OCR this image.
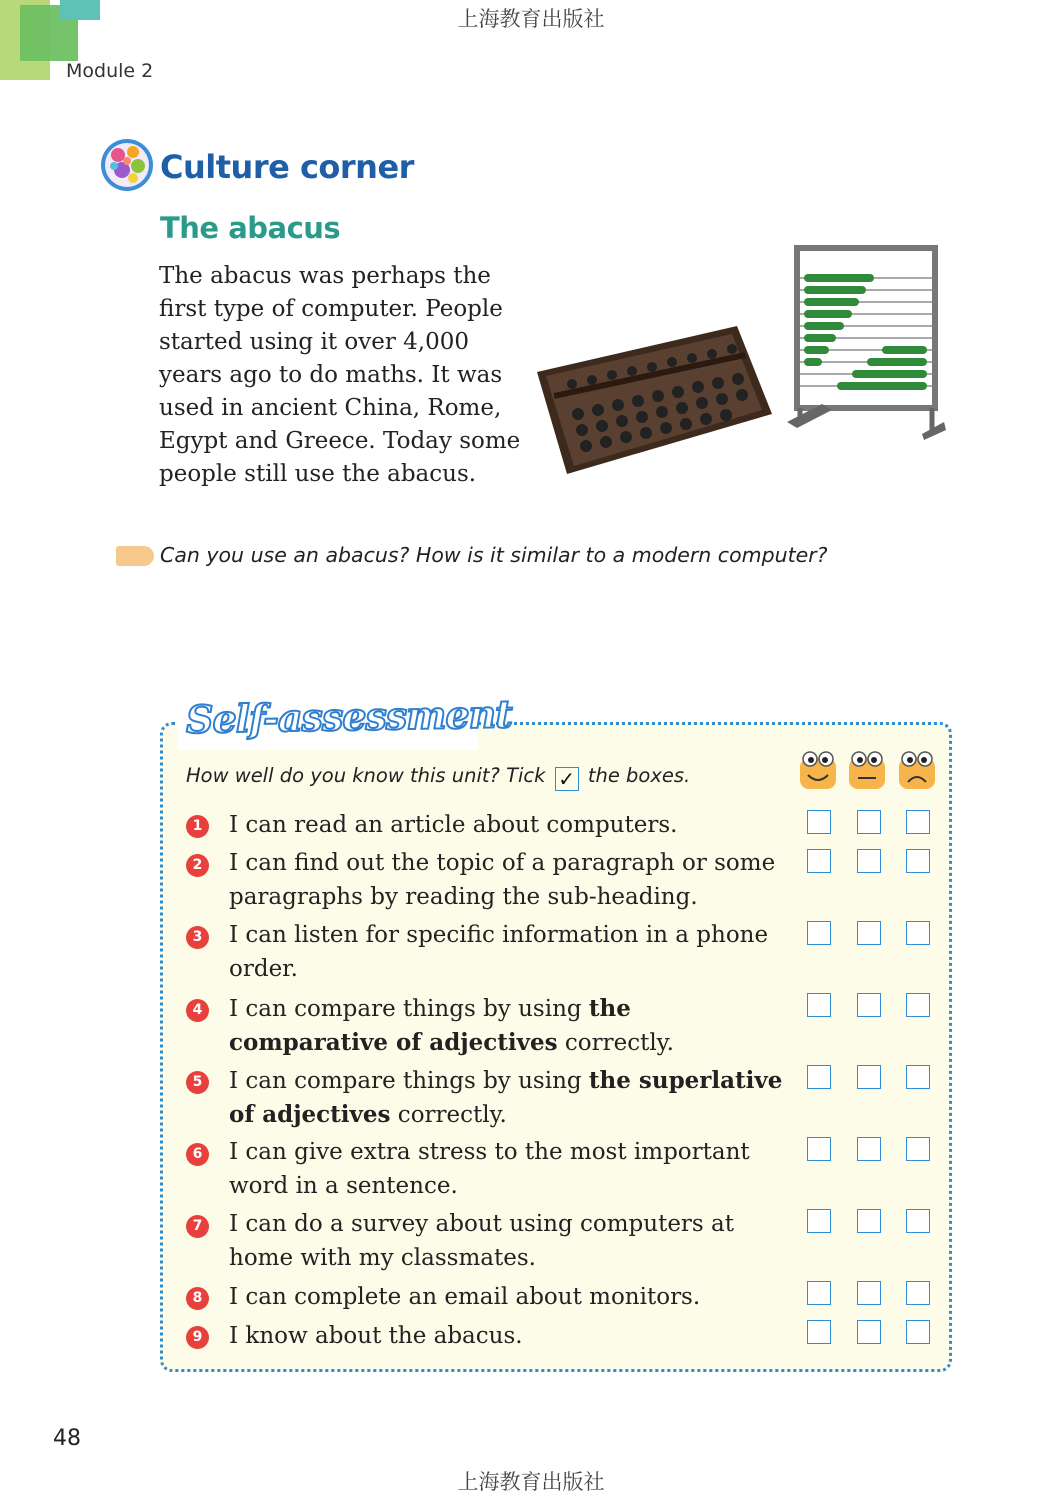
Module 2
上海教育出版社
Culture corner
The abacus
The abacus was perhaps the first type of computer. People started using it over 4,000 years ago to do maths. It was used in ancient China, Rome, Egypt and Greece. Today some people still use the abacus.
Can you use an abacus? How is it similar to a modern computer?
Self-assessment
How well do you know this unit? Tick ✓ the boxes.
1 I can read an article about computers.
2 I can find out the topic of a paragraph or some paragraphs by reading the sub-heading.
3 I can listen for specific information in a phone order.
4 I can compare things by using the comparative of adjectives correctly.
5 I can compare things by using the superlative of adjectives correctly.
6 I can give extra stress to the most important word in a sentence.
7 I can do a survey about using computers at home with my classmates.
8 I can complete an email about monitors.
9 I know about the abacus.
48
上海教育出版社
